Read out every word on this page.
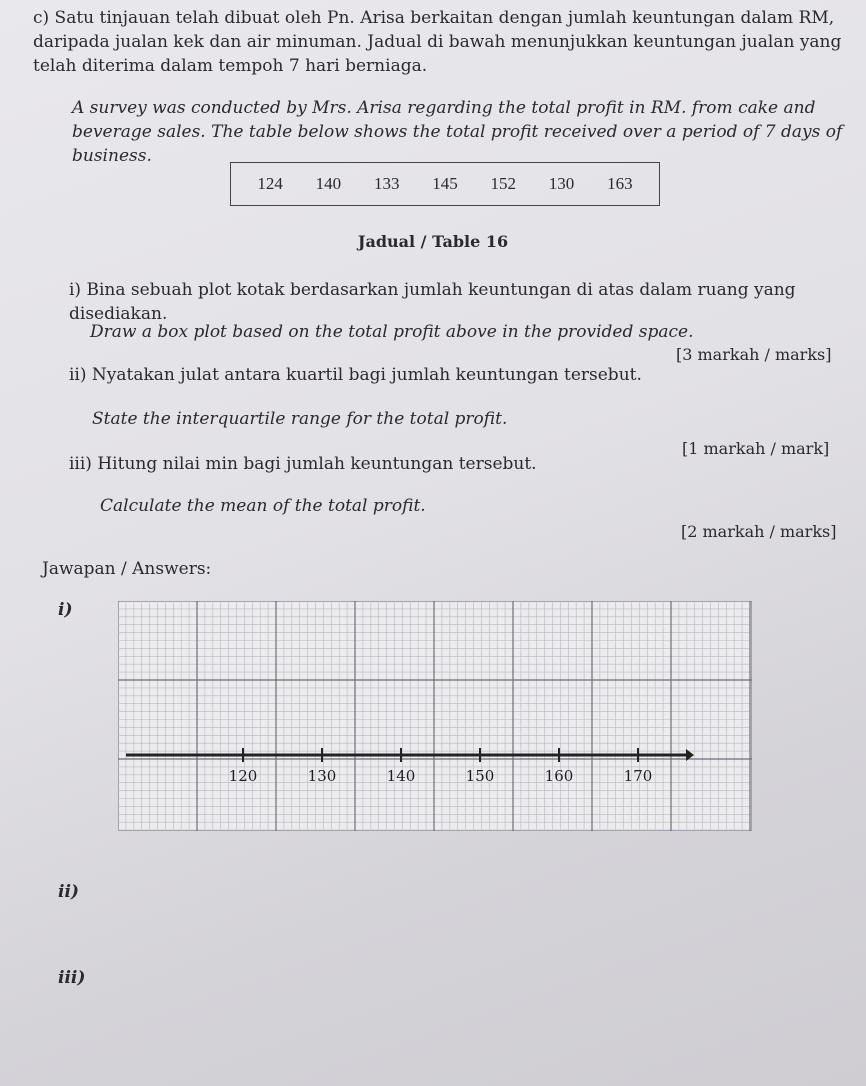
c) Satu tinjauan telah dibuat oleh Pn. Arisa berkaitan dengan jumlah keuntungan dalam RM, daripada jualan kek dan air minuman. Jadual di bawah menunjukkan keuntungan jualan yang telah diterima dalam tempoh 7 hari berniaga.
A survey was conducted by Mrs. Arisa regarding the total profit in RM. from cake and beverage sales. The table below shows the total profit received over a period of 7 days of business.
124 140 133 145 152 130 163
Jadual / Table 16
i) Bina sebuah plot kotak berdasarkan jumlah keuntungan di atas dalam ruang yang disediakan.
Draw a box plot based on the total profit above in the provided space.
[3 markah / marks]
ii) Nyatakan julat antara kuartil bagi jumlah keuntungan tersebut.
State the interquartile range for the total profit.
[1 markah / mark]
iii) Hitung nilai min bagi jumlah keuntungan tersebut.
Calculate the mean of the total profit.
[2 markah / marks]
Jawapan / Answers:
i)
120	130	140	150	160	170
ii)
iii)
